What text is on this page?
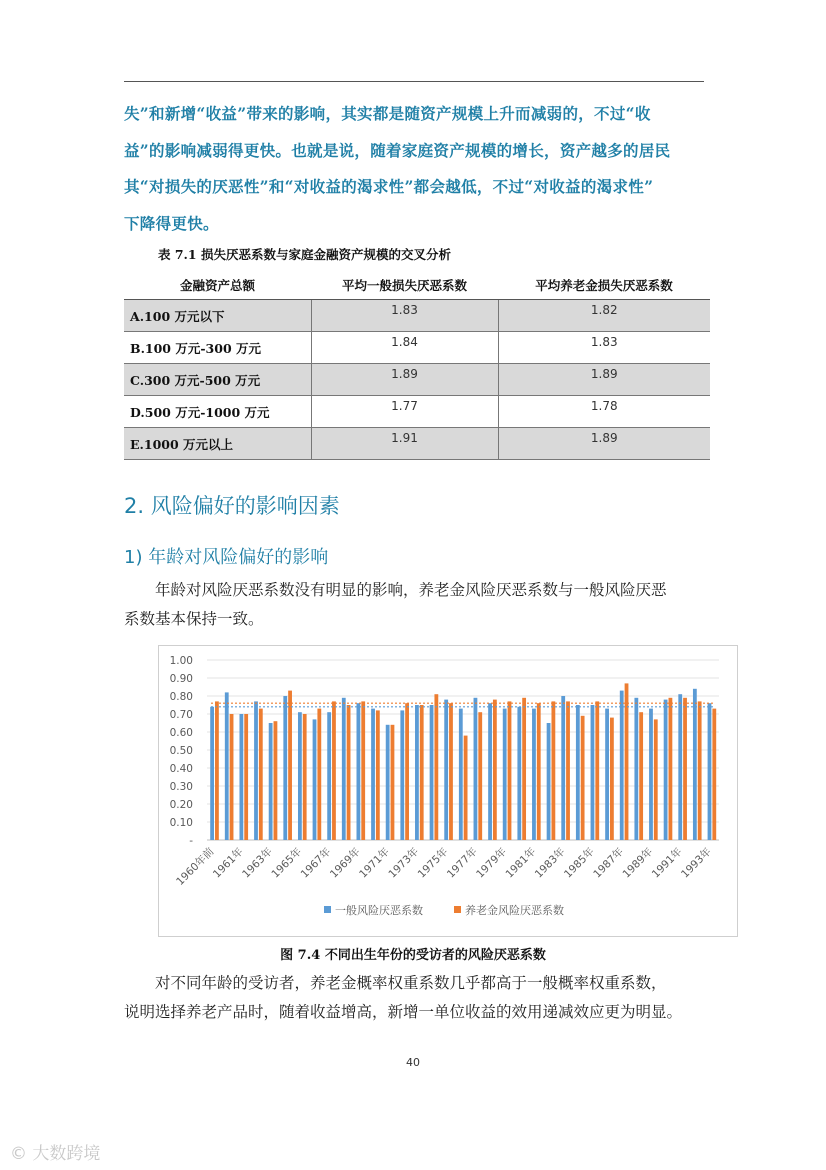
失”和新增“收益”带来的影响，其实都是随资产规模上升而减弱的，不过“收

益”的影响减弱得更快。也就是说，随着家庭资产规模的增长，资产越多的居民

其“对损失的厌恶性”和“对收益的渴求性”都会越低，不过“对收益的渴求性”

下降得更快。

表 7.1 损失厌恶系数与家庭金融资产规模的交叉分析
金融资产总额	平均一般损失厌恶系数	平均养老金损失厌恶系数
A.100 万元以下	1.83	1.82
B.100 万元-300 万元	1.84	1.83
C.300 万元-500 万元	1.89	1.89
D.500 万元-1000 万元	1.77	1.78
E.1000 万元以上	1.91	1.89
2. 风险偏好的影响因素
1) 年龄对风险偏好的影响

年龄对风险厌恶系数没有明显的影响，养老金风险厌恶系数与一般风险厌恶

系数基本保持一致。

-
0.10
0.20
0.30
0.40
0.50
0.60
0.70
0.80
0.90
1.00
1960年前
1961年
1963年
1965年
1967年
1969年
1971年
1973年
1975年
1977年
1979年
1981年
1983年
1985年
1987年
1989年
1991年
1993年
一般风险厌恶系数	养老金风险厌恶系数
图 7.4 不同出生年份的受访者的风险厌恶系数

对不同年龄的受访者，养老金概率权重系数几乎都高于一般概率权重系数，

说明选择养老产品时，随着收益增高，新增一单位收益的效用递减效应更为明显。

40
© 大数跨境
